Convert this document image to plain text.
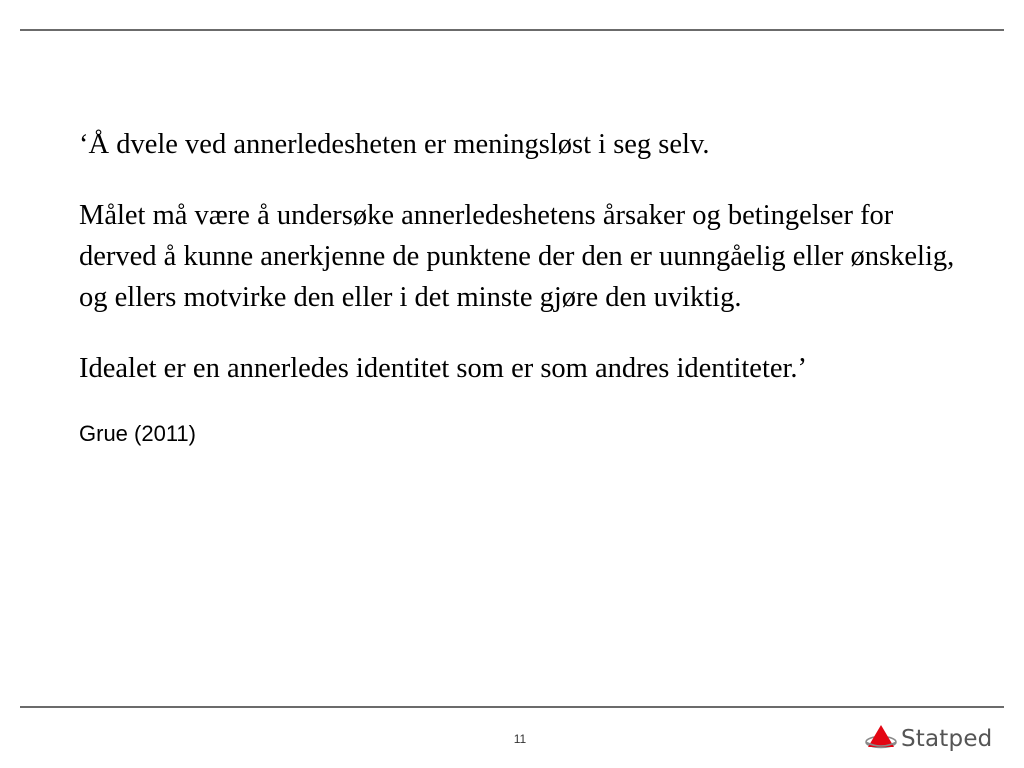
‘Å dvele ved annerledesheten er meningsløst i seg selv.

Målet må være å undersøke annerledeshetens årsaker og betingelser for derved å kunne anerkjenne de punktene der den er uunngåelig eller ønskelig, og ellers motvirke den eller i det minste gjøre den uviktig.

Idealet er en annerledes identitet som er som andres identiteter.’

Grue (2011)

11	Statped
